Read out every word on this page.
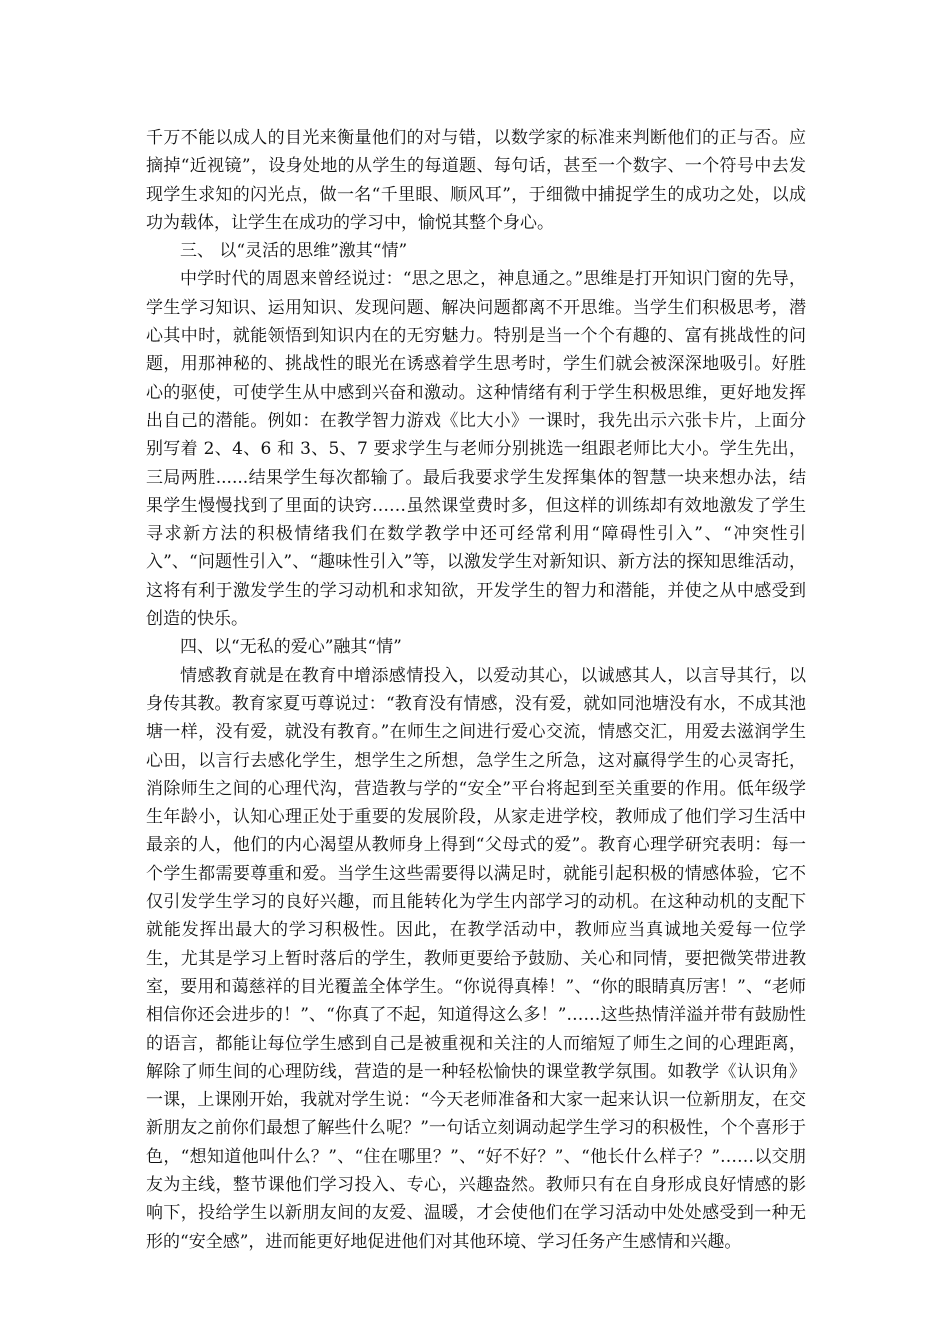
千万不能以成人的目光来衡量他们的对与错，以数学家的标准来判断他们的正与否。应摘掉“近视镜”，设身处地的从学生的每道题、每句话，甚至一个数字、一个符号中去发现学生求知的闪光点，做一名“千里眼、顺风耳”，于细微中捕捉学生的成功之处，以成功为载体，让学生在成功的学习中，愉悦其整个身心。

三、 以“灵活的思维”激其“情”

中学时代的周恩来曾经说过：“思之思之，神息通之。”思维是打开知识门窗的先导，学生学习知识、运用知识、发现问题、解决问题都离不开思维。当学生们积极思考，潜心其中时，就能领悟到知识内在的无穷魅力。特别是当一个个有趣的、富有挑战性的问题，用那神秘的、挑战性的眼光在诱惑着学生思考时，学生们就会被深深地吸引。好胜心的驱使，可使学生从中感到兴奋和激动。这种情绪有利于学生积极思维，更好地发挥出自己的潜能。例如：在教学智力游戏《比大小》一课时，我先出示六张卡片，上面分别写着 2、4、6 和 3、5、7 要求学生与老师分别挑选一组跟老师比大小。学生先出，三局两胜......结果学生每次都输了。最后我要求学生发挥集体的智慧一块来想办法，结果学生慢慢找到了里面的诀窍……虽然课堂费时多，但这样的训练却有效地激发了学生寻求新方法的积极情绪我们在数学教学中还可经常利用“障碍性引入”、“冲突性引入”、“问题性引入”、“趣味性引入”等，以激发学生对新知识、新方法的探知思维活动，这将有利于激发学生的学习动机和求知欲，开发学生的智力和潜能，并使之从中感受到创造的快乐。

四、以“无私的爱心”融其“情”

情感教育就是在教育中增添感情投入，以爱动其心，以诚感其人，以言导其行，以身传其教。教育家夏丏尊说过：“教育没有情感，没有爱，就如同池塘没有水，不成其池塘一样，没有爱，就没有教育。”在师生之间进行爱心交流，情感交汇，用爱去滋润学生心田，以言行去感化学生，想学生之所想，急学生之所急，这对赢得学生的心灵寄托，消除师生之间的心理代沟，营造教与学的“安全”平台将起到至关重要的作用。低年级学生年龄小，认知心理正处于重要的发展阶段，从家走进学校，教师成了他们学习生活中最亲的人，他们的内心渴望从教师身上得到“父母式的爱”。教育心理学研究表明：每一个学生都需要尊重和爱。当学生这些需要得以满足时，就能引起积极的情感体验，它不仅引发学生学习的良好兴趣，而且能转化为学生内部学习的动机。在这种动机的支配下就能发挥出最大的学习积极性。因此，在教学活动中，教师应当真诚地关爱每一位学生，尤其是学习上暂时落后的学生，教师更要给予鼓励、关心和同情，要把微笑带进教室，要用和蔼慈祥的目光覆盖全体学生。“你说得真棒！”、“你的眼睛真厉害！”、“老师相信你还会进步的！”、“你真了不起，知道得这么多！”……这些热情洋溢并带有鼓励性的语言，都能让每位学生感到自己是被重视和关注的人而缩短了师生之间的心理距离，解除了师生间的心理防线，营造的是一种轻松愉快的课堂教学氛围。如教学《认识角》一课，上课刚开始，我就对学生说：“今天老师准备和大家一起来认识一位新朋友，在交新朋友之前你们最想了解些什么呢？”一句话立刻调动起学生学习的积极性，个个喜形于色，“想知道他叫什么？”、“住在哪里？”、“好不好？”、“他长什么样子？”……以交朋友为主线，整节课他们学习投入、专心，兴趣盎然。教师只有在自身形成良好情感的影响下，投给学生以新朋友间的友爱、温暖，才会使他们在学习活动中处处感受到一种无形的“安全感”，进而能更好地促进他们对其他环境、学习任务产生感情和兴趣。
